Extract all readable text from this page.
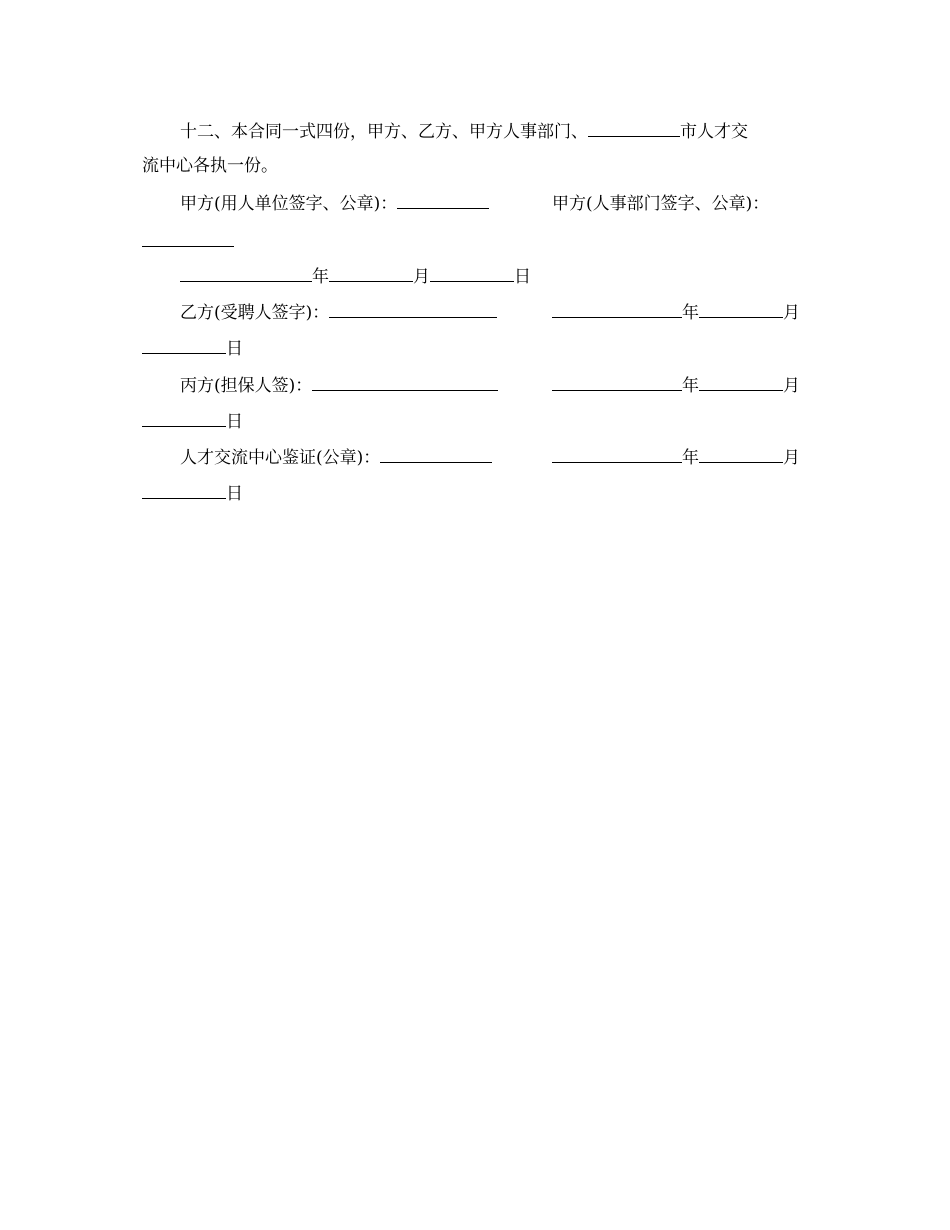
十二、本合同一式四份，甲方、乙方、甲方人事部门、	市人才交
流中心各执一份。
甲方(用人单位签字、公章)：	甲方(人事部门签字、公章)：
年	月	日
乙方(受聘人签字)：	年	月
日
丙方(担保人签)：	年	月
日
人才交流中心鉴证(公章)：	年	月
日
